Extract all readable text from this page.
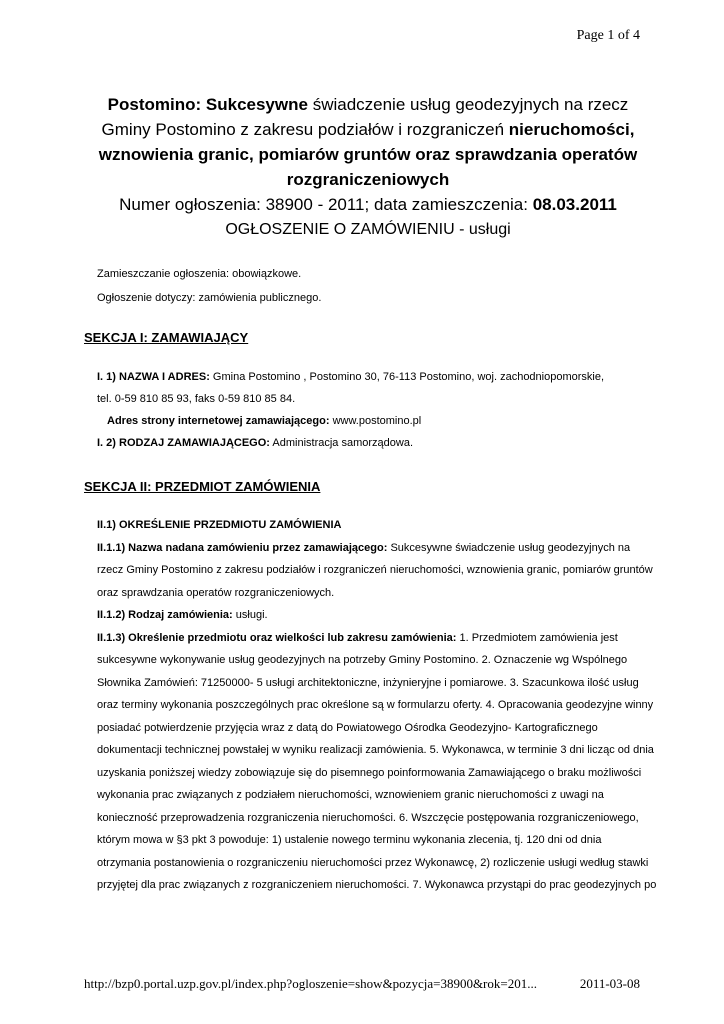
Page 1 of 4
Postomino: Sukcesywne świadczenie usług geodezyjnych na rzecz
Gminy Postomino z zakresu podziałów i rozgraniczeń nieruchomości,
wznowienia granic, pomiarów gruntów oraz sprawdzania operatów
rozgraniczeniowych
Numer ogłoszenia: 38900 - 2011; data zamieszczenia: 08.03.2011
OGŁOSZENIE O ZAMÓWIENIU - usługi
Zamieszczanie ogłoszenia: obowiązkowe.
Ogłoszenie dotyczy: zamówienia publicznego.
SEKCJA I: ZAMAWIAJĄCY
I. 1) NAZWA I ADRES: Gmina Postomino , Postomino 30, 76-113 Postomino, woj. zachodniopomorskie,
tel. 0-59 810 85 93, faks 0-59 810 85 84.
Adres strony internetowej zamawiającego: www.postomino.pl
I. 2) RODZAJ ZAMAWIAJĄCEGO: Administracja samorządowa.
SEKCJA II: PRZEDMIOT ZAMÓWIENIA
II.1) OKREŚLENIE PRZEDMIOTU ZAMÓWIENIA
II.1.1) Nazwa nadana zamówieniu przez zamawiającego: Sukcesywne świadczenie usług geodezyjnych na rzecz Gminy Postomino z zakresu podziałów i rozgraniczeń nieruchomości, wznowienia granic, pomiarów gruntów oraz sprawdzania operatów rozgraniczeniowych.
II.1.2) Rodzaj zamówienia: usługi.
II.1.3) Określenie przedmiotu oraz wielkości lub zakresu zamówienia: 1. Przedmiotem zamówienia jest sukcesywne wykonywanie usług geodezyjnych na potrzeby Gminy Postomino. 2. Oznaczenie wg Wspólnego Słownika Zamówień: 71250000- 5 usługi architektoniczne, inżynieryjne i pomiarowe. 3. Szacunkowa ilość usług oraz terminy wykonania poszczególnych prac określone są w formularzu oferty. 4. Opracowania geodezyjne winny posiadać potwierdzenie przyjęcia wraz z datą do Powiatowego Ośrodka Geodezyjno- Kartograficznego dokumentacji technicznej powstałej w wyniku realizacji zamówienia. 5. Wykonawca, w terminie 3 dni licząc od dnia uzyskania poniższej wiedzy zobowiązuje się do pisemnego poinformowania Zamawiającego o braku możliwości wykonania prac związanych z podziałem nieruchomości, wznowieniem granic nieruchomości z uwagi na konieczność przeprowadzenia rozgraniczenia nieruchomości. 6. Wszczęcie postępowania rozgraniczeniowego, którym mowa w §3 pkt 3 powoduje: 1) ustalenie nowego terminu wykonania zlecenia, tj. 120 dni od dnia otrzymania postanowienia o rozgraniczeniu nieruchomości przez Wykonawcę, 2) rozliczenie usługi według stawki przyjętej dla prac związanych z rozgraniczeniem nieruchomości. 7. Wykonawca przystąpi do prac geodezyjnych po
http://bzp0.portal.uzp.gov.pl/index.php?ogloszenie=show&pozycja=38900&rok=201...	2011-03-08
